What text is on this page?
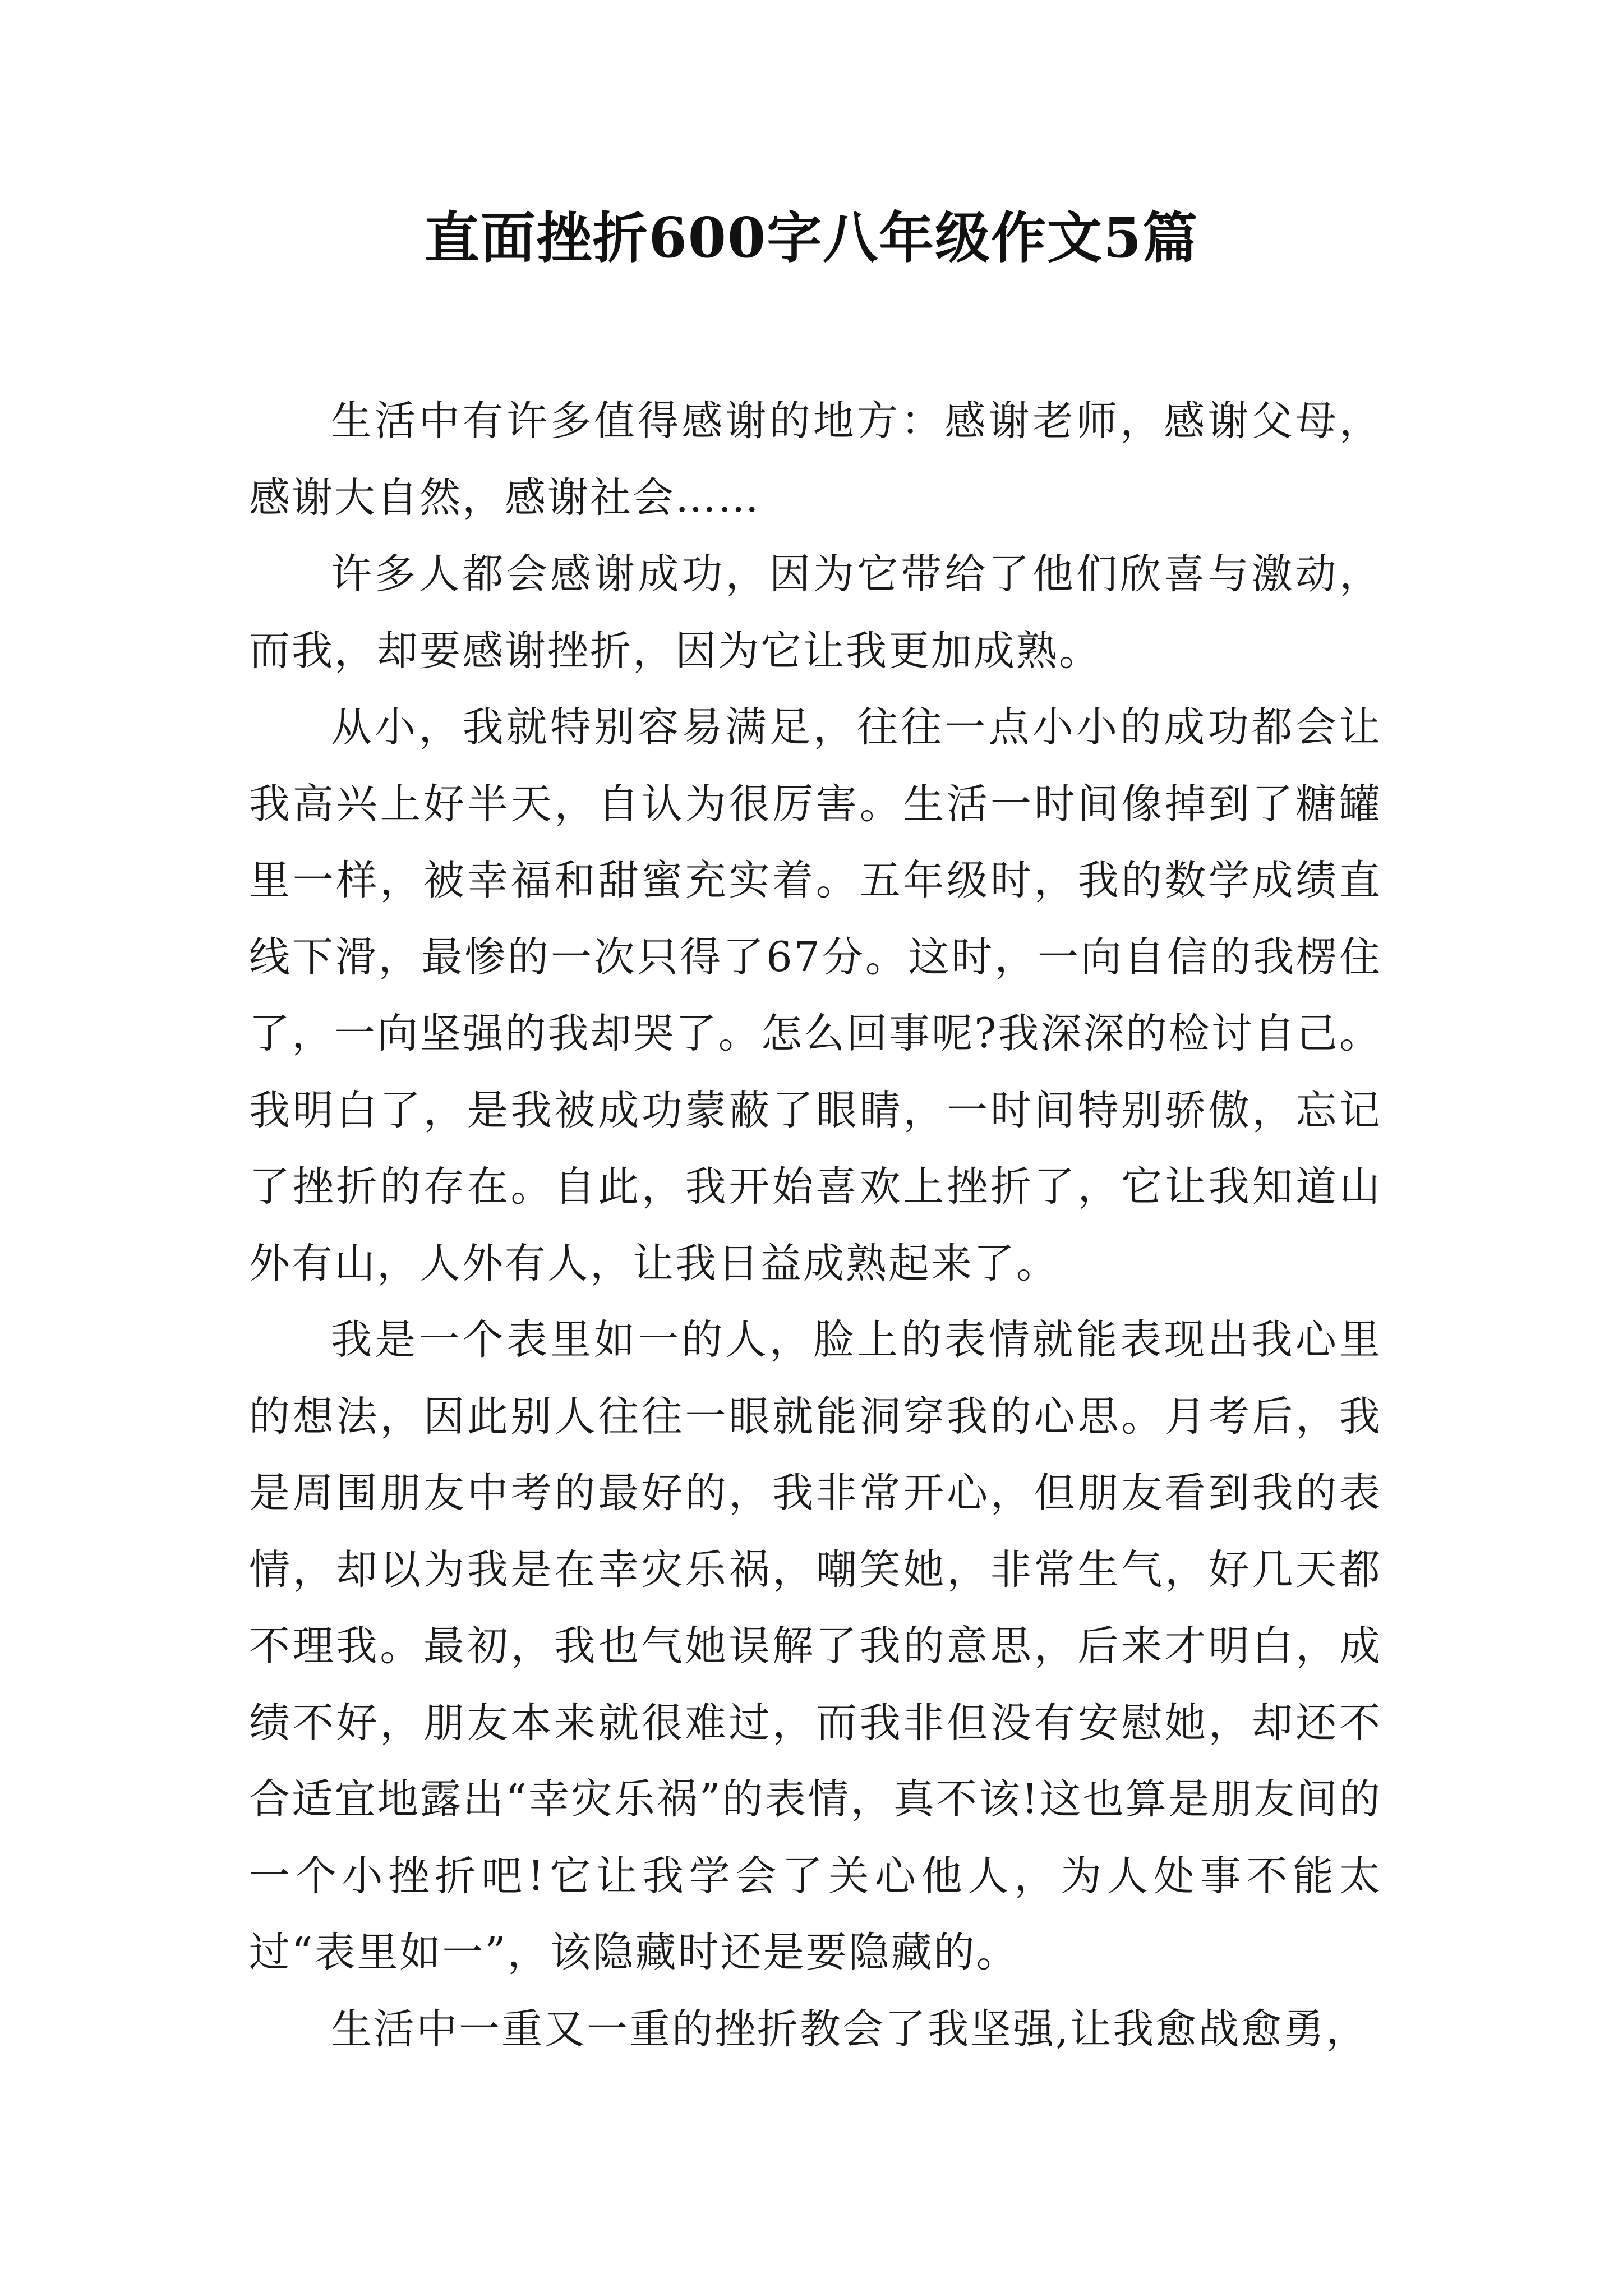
直面挫折600字八年级作文5篇

生活中有许多值得感谢的地方：感谢老师，感谢父母，感谢大自然，感谢社会……

许多人都会感谢成功，因为它带给了他们欣喜与激动，而我，却要感谢挫折，因为它让我更加成熟。

从小，我就特别容易满足，往往一点小小的成功都会让我高兴上好半天，自认为很厉害。生活一时间像掉到了糖罐里一样，被幸福和甜蜜充实着。五年级时，我的数学成绩直线下滑，最惨的一次只得了67分。这时，一向自信的我楞住了，一向坚强的我却哭了。怎么回事呢?我深深的检讨自己。我明白了，是我被成功蒙蔽了眼睛，一时间特别骄傲，忘记了挫折的存在。自此，我开始喜欢上挫折了，它让我知道山外有山，人外有人，让我日益成熟起来了。

我是一个表里如一的人，脸上的表情就能表现出我心里的想法，因此别人往往一眼就能洞穿我的心思。月考后，我是周围朋友中考的最好的，我非常开心，但朋友看到我的表情，却以为我是在幸灾乐祸，嘲笑她，非常生气，好几天都不理我。最初，我也气她误解了我的意思，后来才明白，成绩不好，朋友本来就很难过，而我非但没有安慰她，却还不合适宜地露出“幸灾乐祸”的表情，真不该!这也算是朋友间的一个小挫折吧!它让我学会了关心他人，为人处事不能太过“表里如一”，该隐藏时还是要隐藏的。

生活中一重又一重的挫折教会了我坚强,让我愈战愈勇，
